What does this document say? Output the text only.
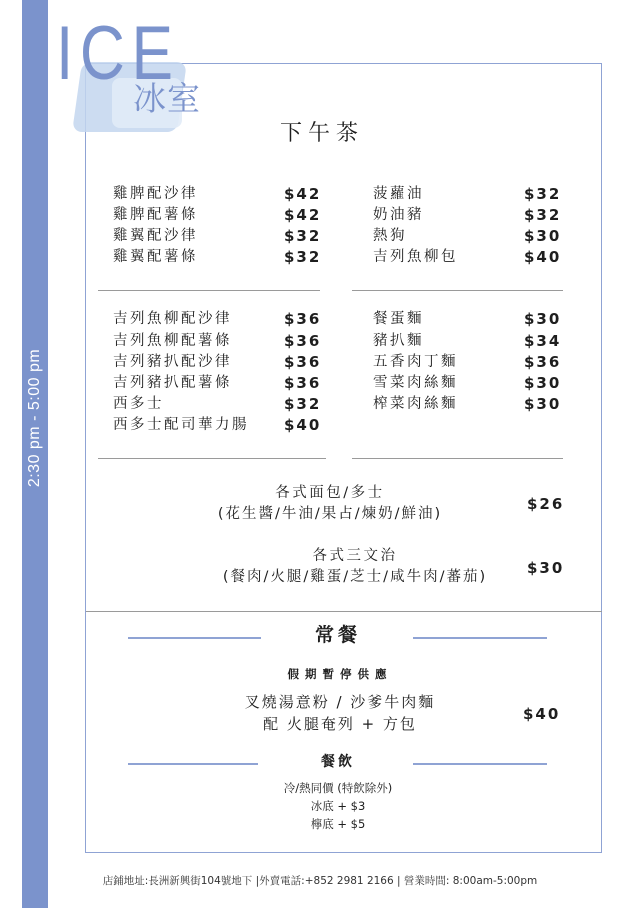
2:30 pm - 5:00 pm
ICE
冰室
下午茶
雞脾配沙律	$42
雞脾配薯條	$42
雞翼配沙律	$32
雞翼配薯條	$32
菠蘿油	$32
奶油豬	$32
熱狗	$30
吉列魚柳包	$40
吉列魚柳配沙律	$36
吉列魚柳配薯條	$36
吉列豬扒配沙律	$36
吉列豬扒配薯條	$36
西多士	$32
西多士配司華力腸 $40
餐蛋麵	$30
豬扒麵	$34
五香肉丁麵	$36
雪菜肉絲麵	$30
榨菜肉絲麵	$30
各式面包/多士
(花生醬/牛油/果占/煉奶/鮮油)
$26
各式三文治
(餐肉/火腿/雞蛋/芝士/咸牛肉/蕃茄)	$30
常餐
假期暫停供應
叉燒湯意粉 / 沙爹牛肉麵
配 火腿奄列 + 方包
$40
餐飲
冷/熱同價 (特飲除外)
冰底 + $3
檸底 + $5
店鋪地址:長洲新興街104號地下 |外賣電話:+852 2981 2166 | 營業時間: 8:00am-5:00pm
